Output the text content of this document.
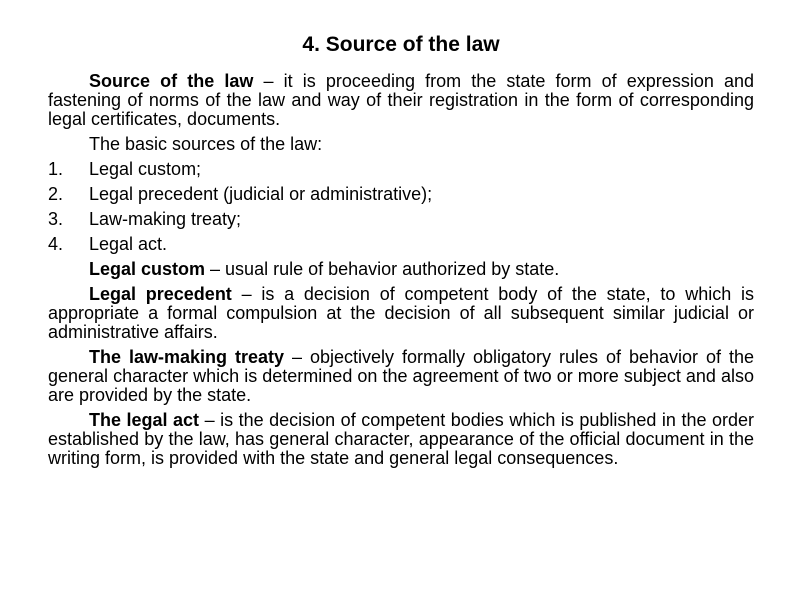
4. Source of the law

Source of the law – it is proceeding from the state form of expression and fastening of norms of the law and way of their registration in the form of corresponding legal certificates, documents.

The basic sources of the law:

1.	Legal custom;
2.	Legal precedent (judicial or administrative);
3.	Law-making treaty;
4.	Legal act.

Legal custom – usual rule of behavior authorized by state.

Legal precedent – is a decision of competent body of the state, to which is appropriate a formal compulsion at the decision of all subsequent similar judicial or administrative affairs.

The law-making treaty – objectively formally obligatory rules of behavior of the general character which is determined on the agreement of two or more subject and also are provided by the state.

The legal act – is the decision of competent bodies which is published in the order established by the law, has general character, appearance of the official document in the writing form, is provided with the state and general legal consequences.
